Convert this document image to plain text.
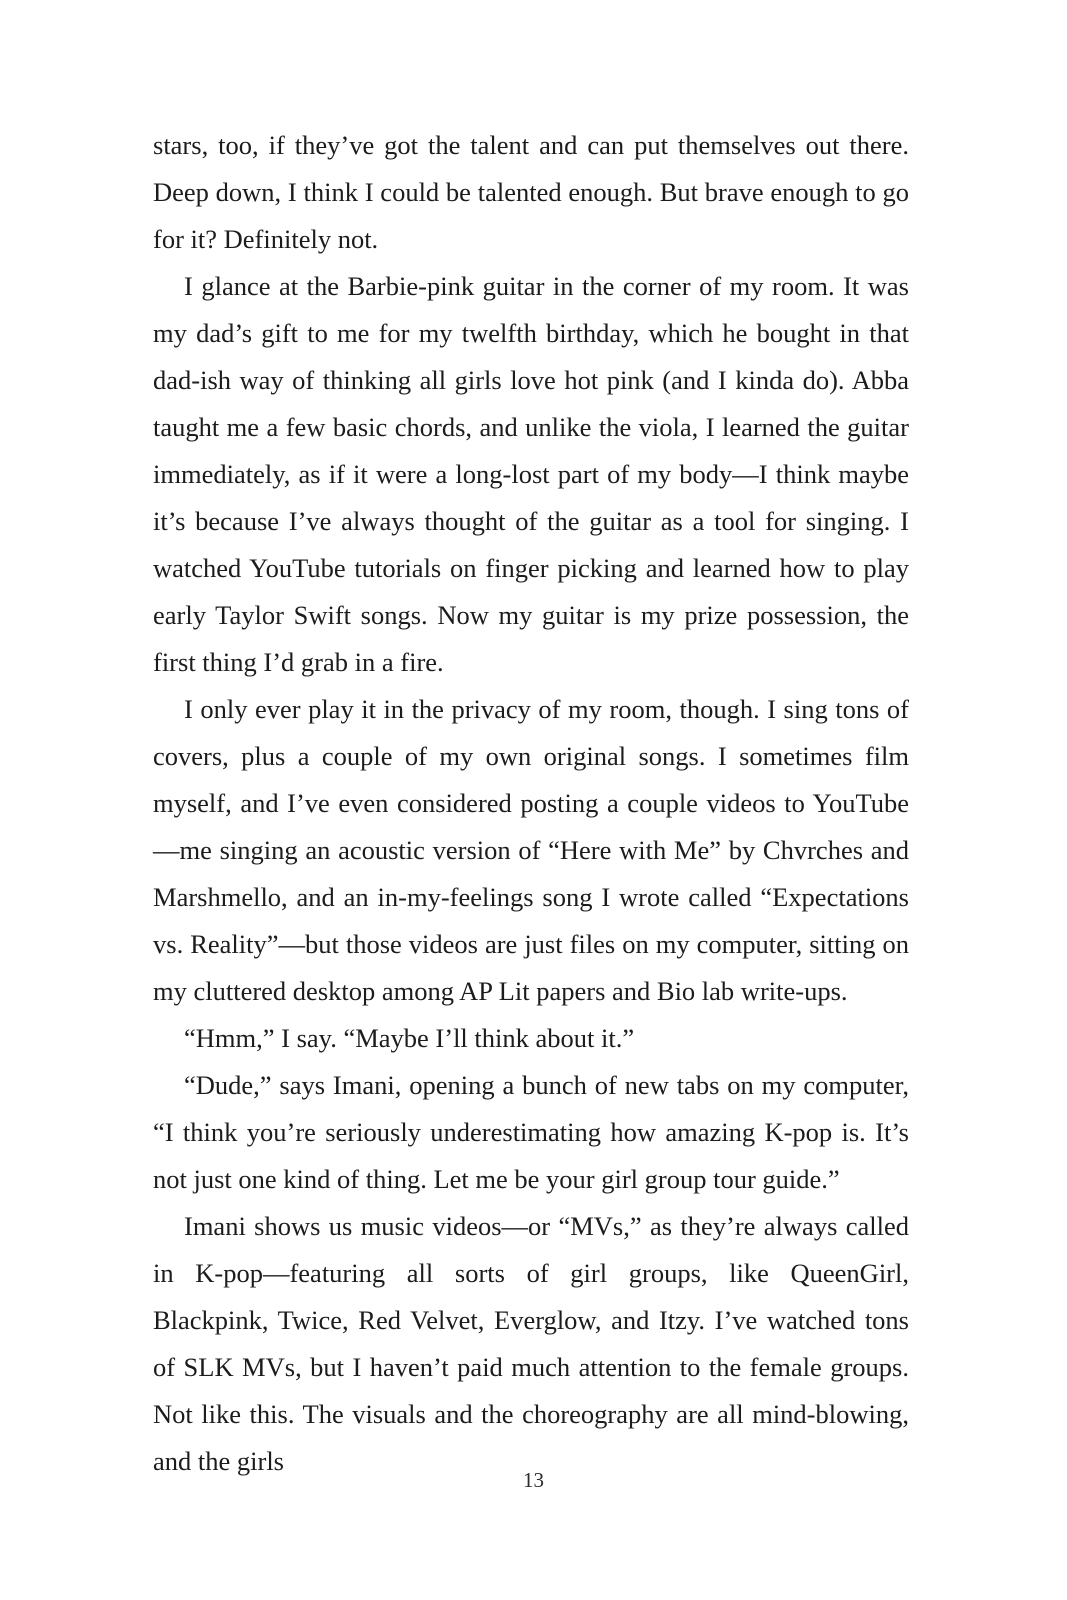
stars, too, if they’ve got the talent and can put themselves out there. Deep down, I think I could be talented enough. But brave enough to go for it? Definitely not.

I glance at the Barbie-pink guitar in the corner of my room. It was my dad’s gift to me for my twelfth birthday, which he bought in that dad-ish way of thinking all girls love hot pink (and I kinda do). Abba taught me a few basic chords, and unlike the viola, I learned the guitar immediately, as if it were a long-lost part of my body—I think maybe it’s because I’ve always thought of the guitar as a tool for singing. I watched YouTube tutorials on finger picking and learned how to play early Taylor Swift songs. Now my guitar is my prize possession, the first thing I’d grab in a fire.

I only ever play it in the privacy of my room, though. I sing tons of covers, plus a couple of my own original songs. I sometimes film myself, and I’ve even considered posting a couple videos to YouTube—me singing an acoustic version of “Here with Me” by Chvrches and Marshmello, and an in-my-feelings song I wrote called “Expectations vs. Reality”—but those videos are just files on my computer, sitting on my cluttered desktop among AP Lit papers and Bio lab write-ups.

“Hmm,” I say. “Maybe I’ll think about it.”

“Dude,” says Imani, opening a bunch of new tabs on my computer, “I think you’re seriously underestimating how amazing K-pop is. It’s not just one kind of thing. Let me be your girl group tour guide.”

Imani shows us music videos—or “MVs,” as they’re always called in K-pop—featuring all sorts of girl groups, like QueenGirl, Blackpink, Twice, Red Velvet, Everglow, and Itzy. I’ve watched tons of SLK MVs, but I haven’t paid much attention to the female groups. Not like this. The visuals and the choreography are all mind-blowing, and the girls

13
